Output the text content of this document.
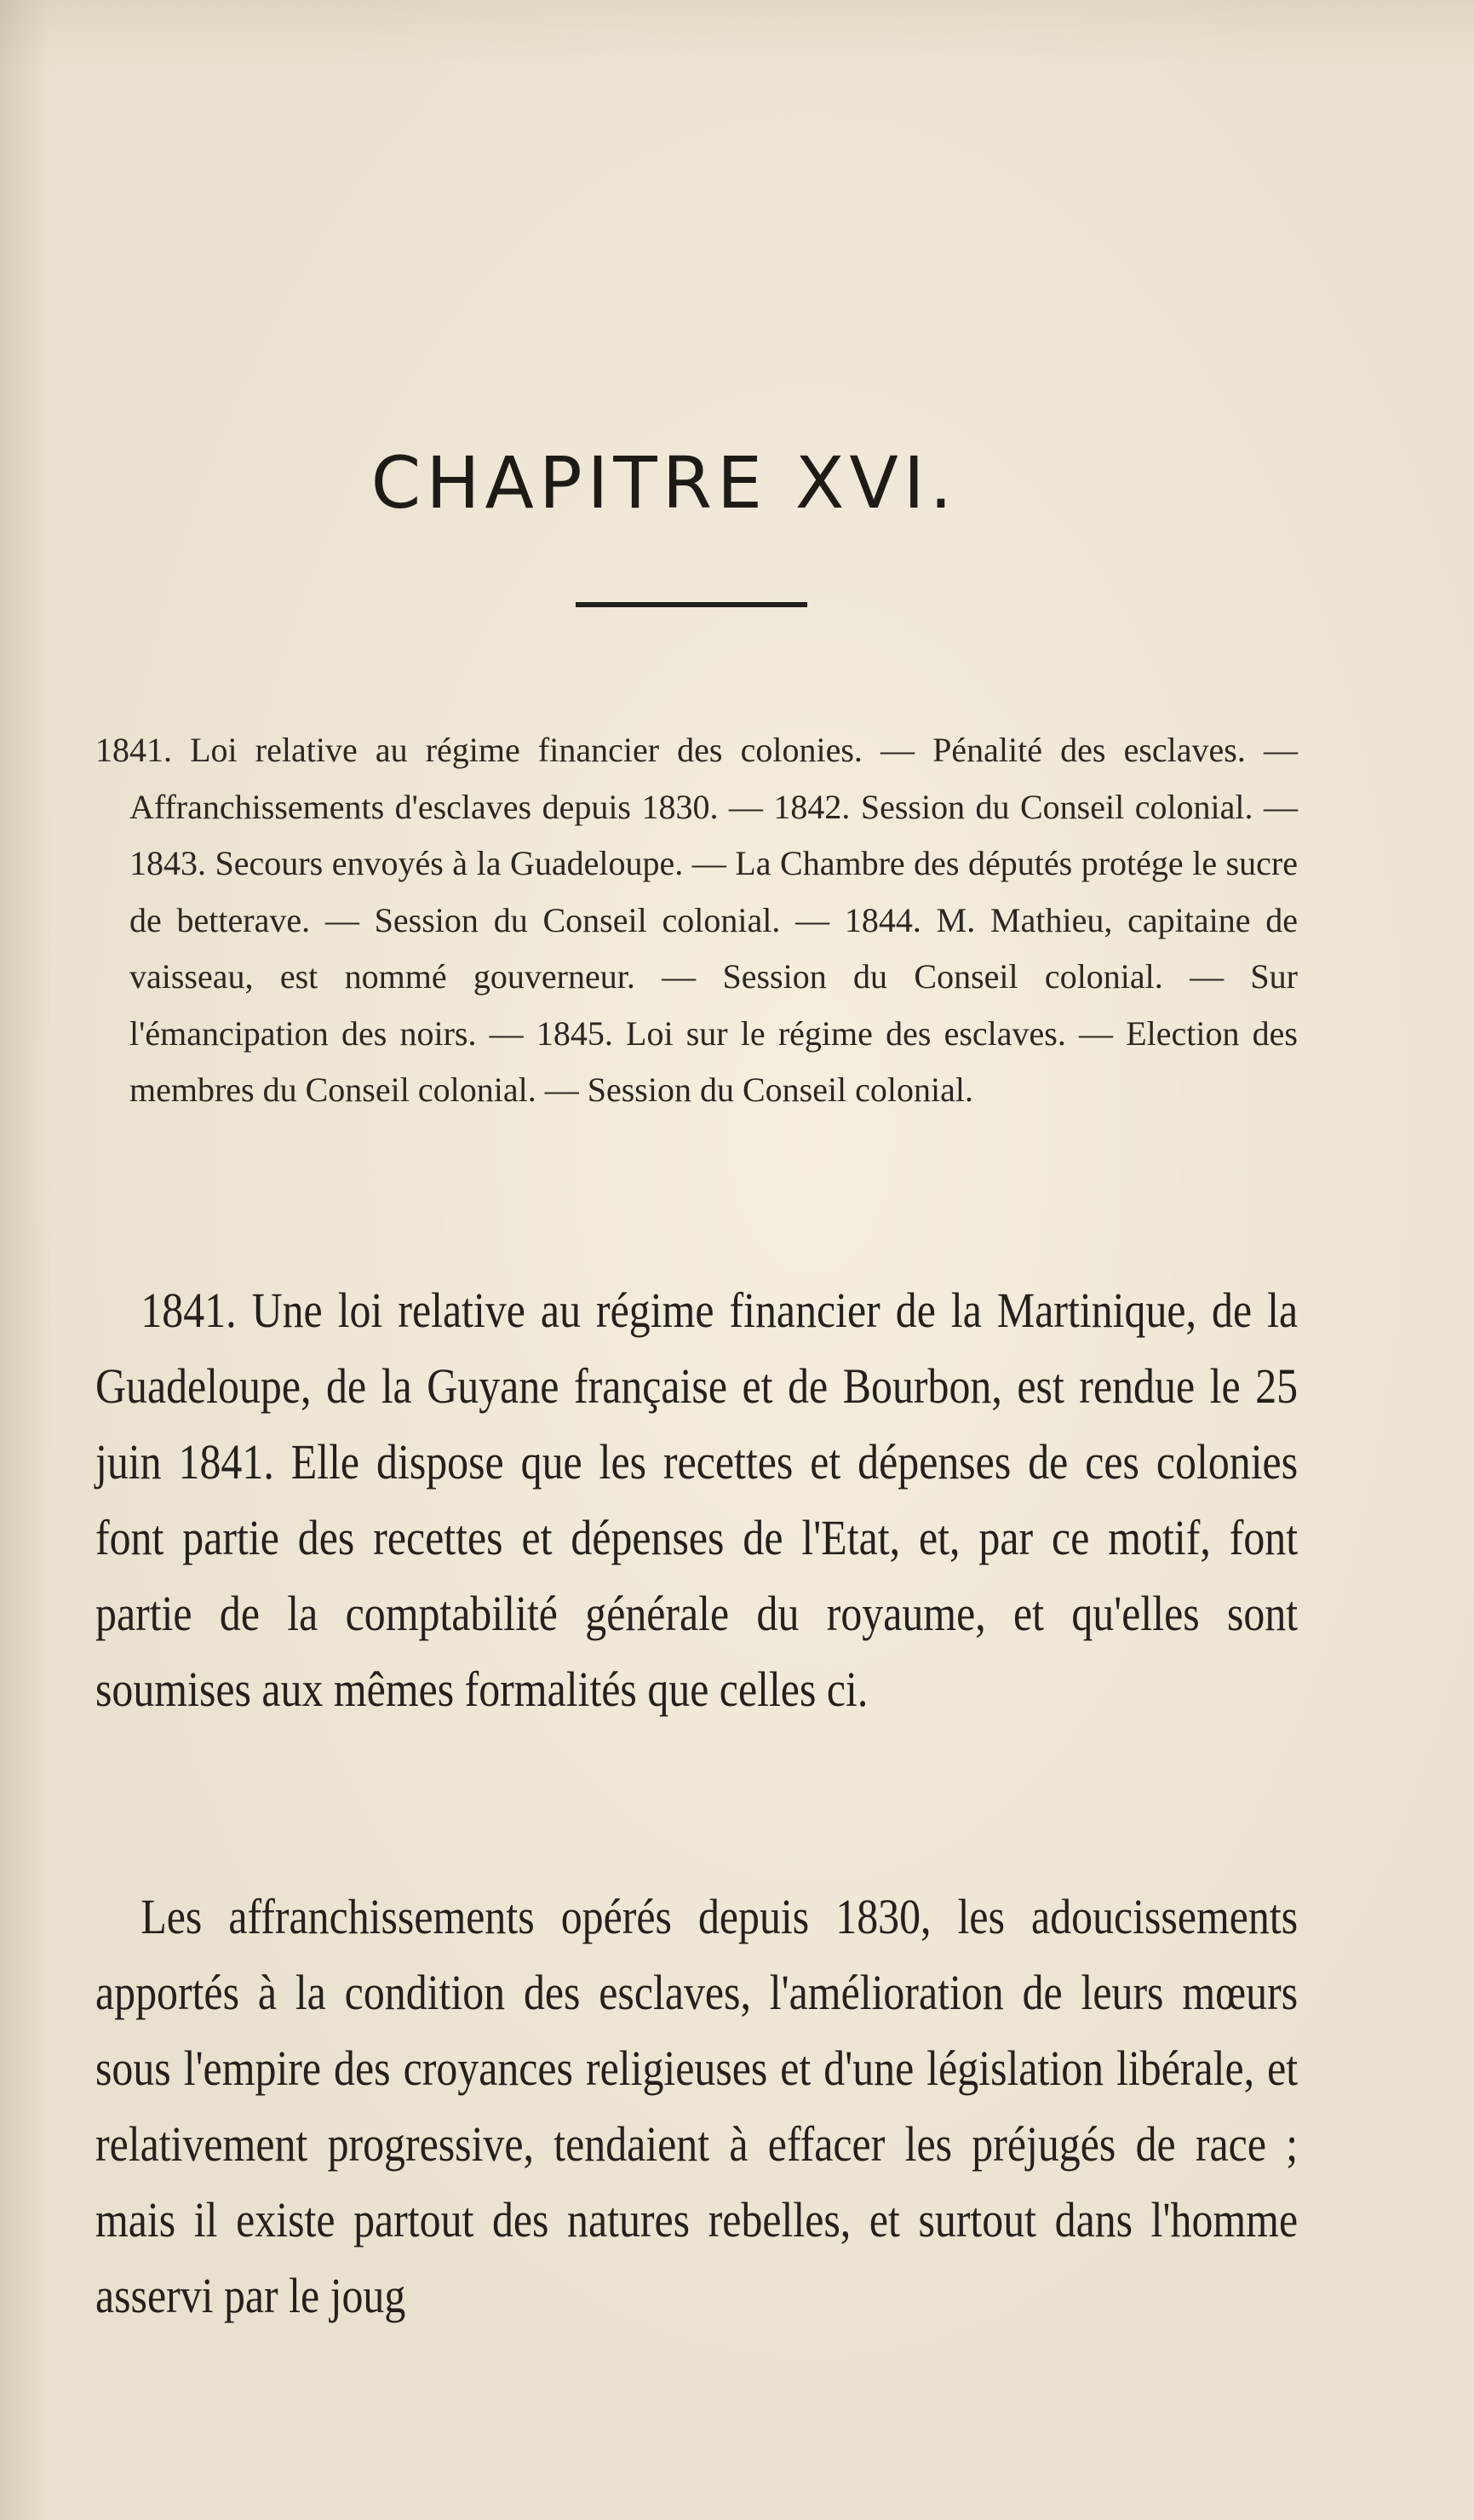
CHAPITRE XVI.
1841. Loi relative au régime financier des colonies. — Pénalité des esclaves. — Affranchissements d'esclaves depuis 1830. — 1842. Session du Conseil colonial. — 1843. Secours envoyés à la Guadeloupe. — La Chambre des députés protége le sucre de betterave. — Session du Conseil colonial. — 1844. M. Mathieu, capitaine de vaisseau, est nommé gouverneur. — Session du Conseil colonial. — Sur l'émancipation des noirs. — 1845. Loi sur le régime des esclaves. — Election des membres du Conseil colonial. — Session du Conseil colonial.

1841. Une loi relative au régime financier de la Martinique, de la Guadeloupe, de la Guyane française et de Bourbon, est rendue le 25 juin 1841. Elle dispose que les recettes et dépenses de ces colonies font partie des recettes et dépenses de l'Etat, et, par ce motif, font partie de la comptabilité générale du royaume, et qu'elles sont soumises aux mêmes formalités que celles ci.

Les affranchissements opérés depuis 1830, les adoucissements apportés à la condition des esclaves, l'amélioration de leurs mœurs sous l'empire des croyances religieuses et d'une législation libérale, et relativement progressive, tendaient à effacer les préjugés de race ; mais il existe partout des natures rebelles, et surtout dans l'homme asservi par le joug
